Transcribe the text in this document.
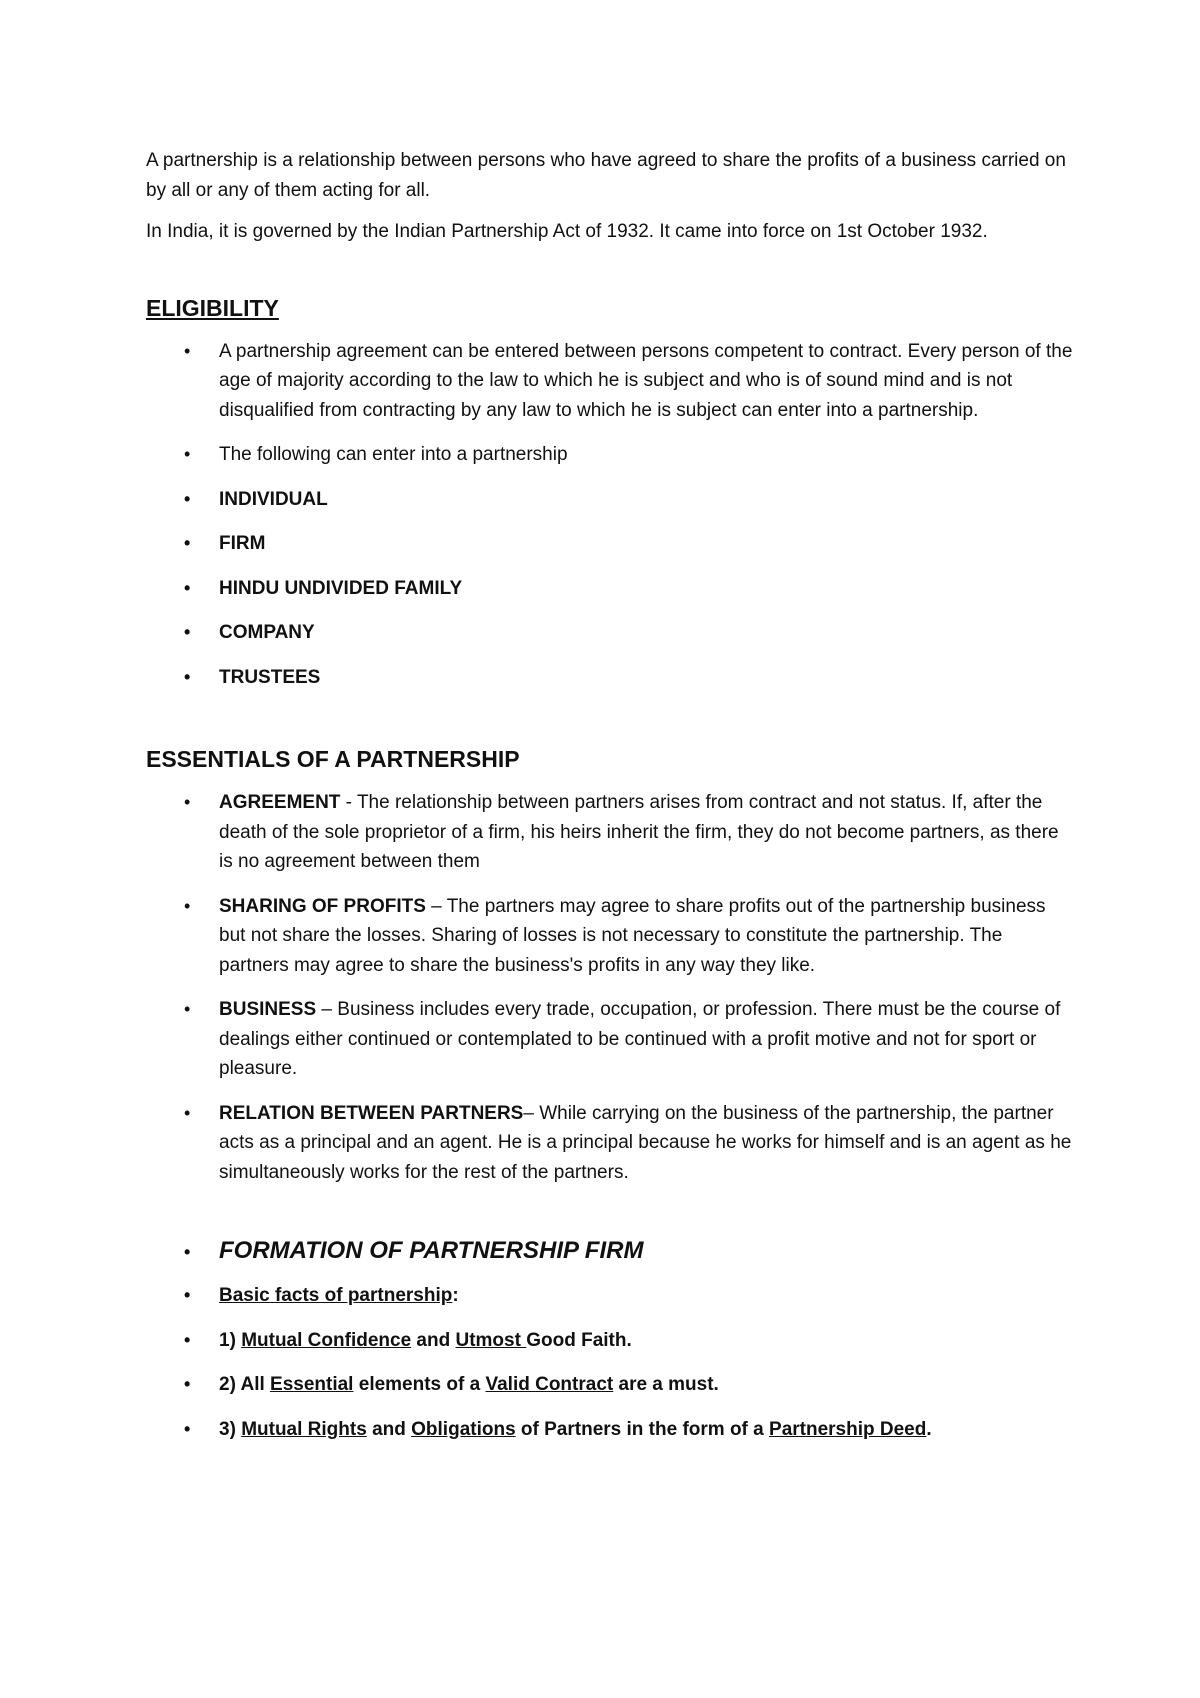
A partnership is a relationship between persons who have agreed to share the profits of a business carried on by all or any of them acting for all.

In India, it is governed by the Indian Partnership Act of 1932. It came into force on 1st October 1932.

ELIGIBILITY
• A partnership agreement can be entered between persons competent to contract. Every person of the age of majority according to the law to which he is subject and who is of sound mind and is not disqualified from contracting by any law to which he is subject can enter into a partnership.
• The following can enter into a partnership
• INDIVIDUAL
• FIRM
• HINDU UNDIVIDED FAMILY
• COMPANY
• TRUSTEES
ESSENTIALS OF A PARTNERSHIP
• AGREEMENT - The relationship between partners arises from contract and not status. If, after the death of the sole proprietor of a firm, his heirs inherit the firm, they do not become partners, as there is no agreement between them
• SHARING OF PROFITS – The partners may agree to share profits out of the partnership business but not share the losses. Sharing of losses is not necessary to constitute the partnership. The partners may agree to share the business's profits in any way they like.
• BUSINESS – Business includes every trade, occupation, or profession. There must be the course of dealings either continued or contemplated to be continued with a profit motive and not for sport or pleasure.
• RELATION BETWEEN PARTNERS– While carrying on the business of the partnership, the partner acts as a principal and an agent. He is a principal because he works for himself and is an agent as he simultaneously works for the rest of the partners.
• FORMATION OF PARTNERSHIP FIRM
• Basic facts of partnership:
• 1) Mutual Confidence and Utmost Good Faith.
• 2) All Essential elements of a Valid Contract are a must.
• 3) Mutual Rights and Obligations of Partners in the form of a Partnership Deed.
